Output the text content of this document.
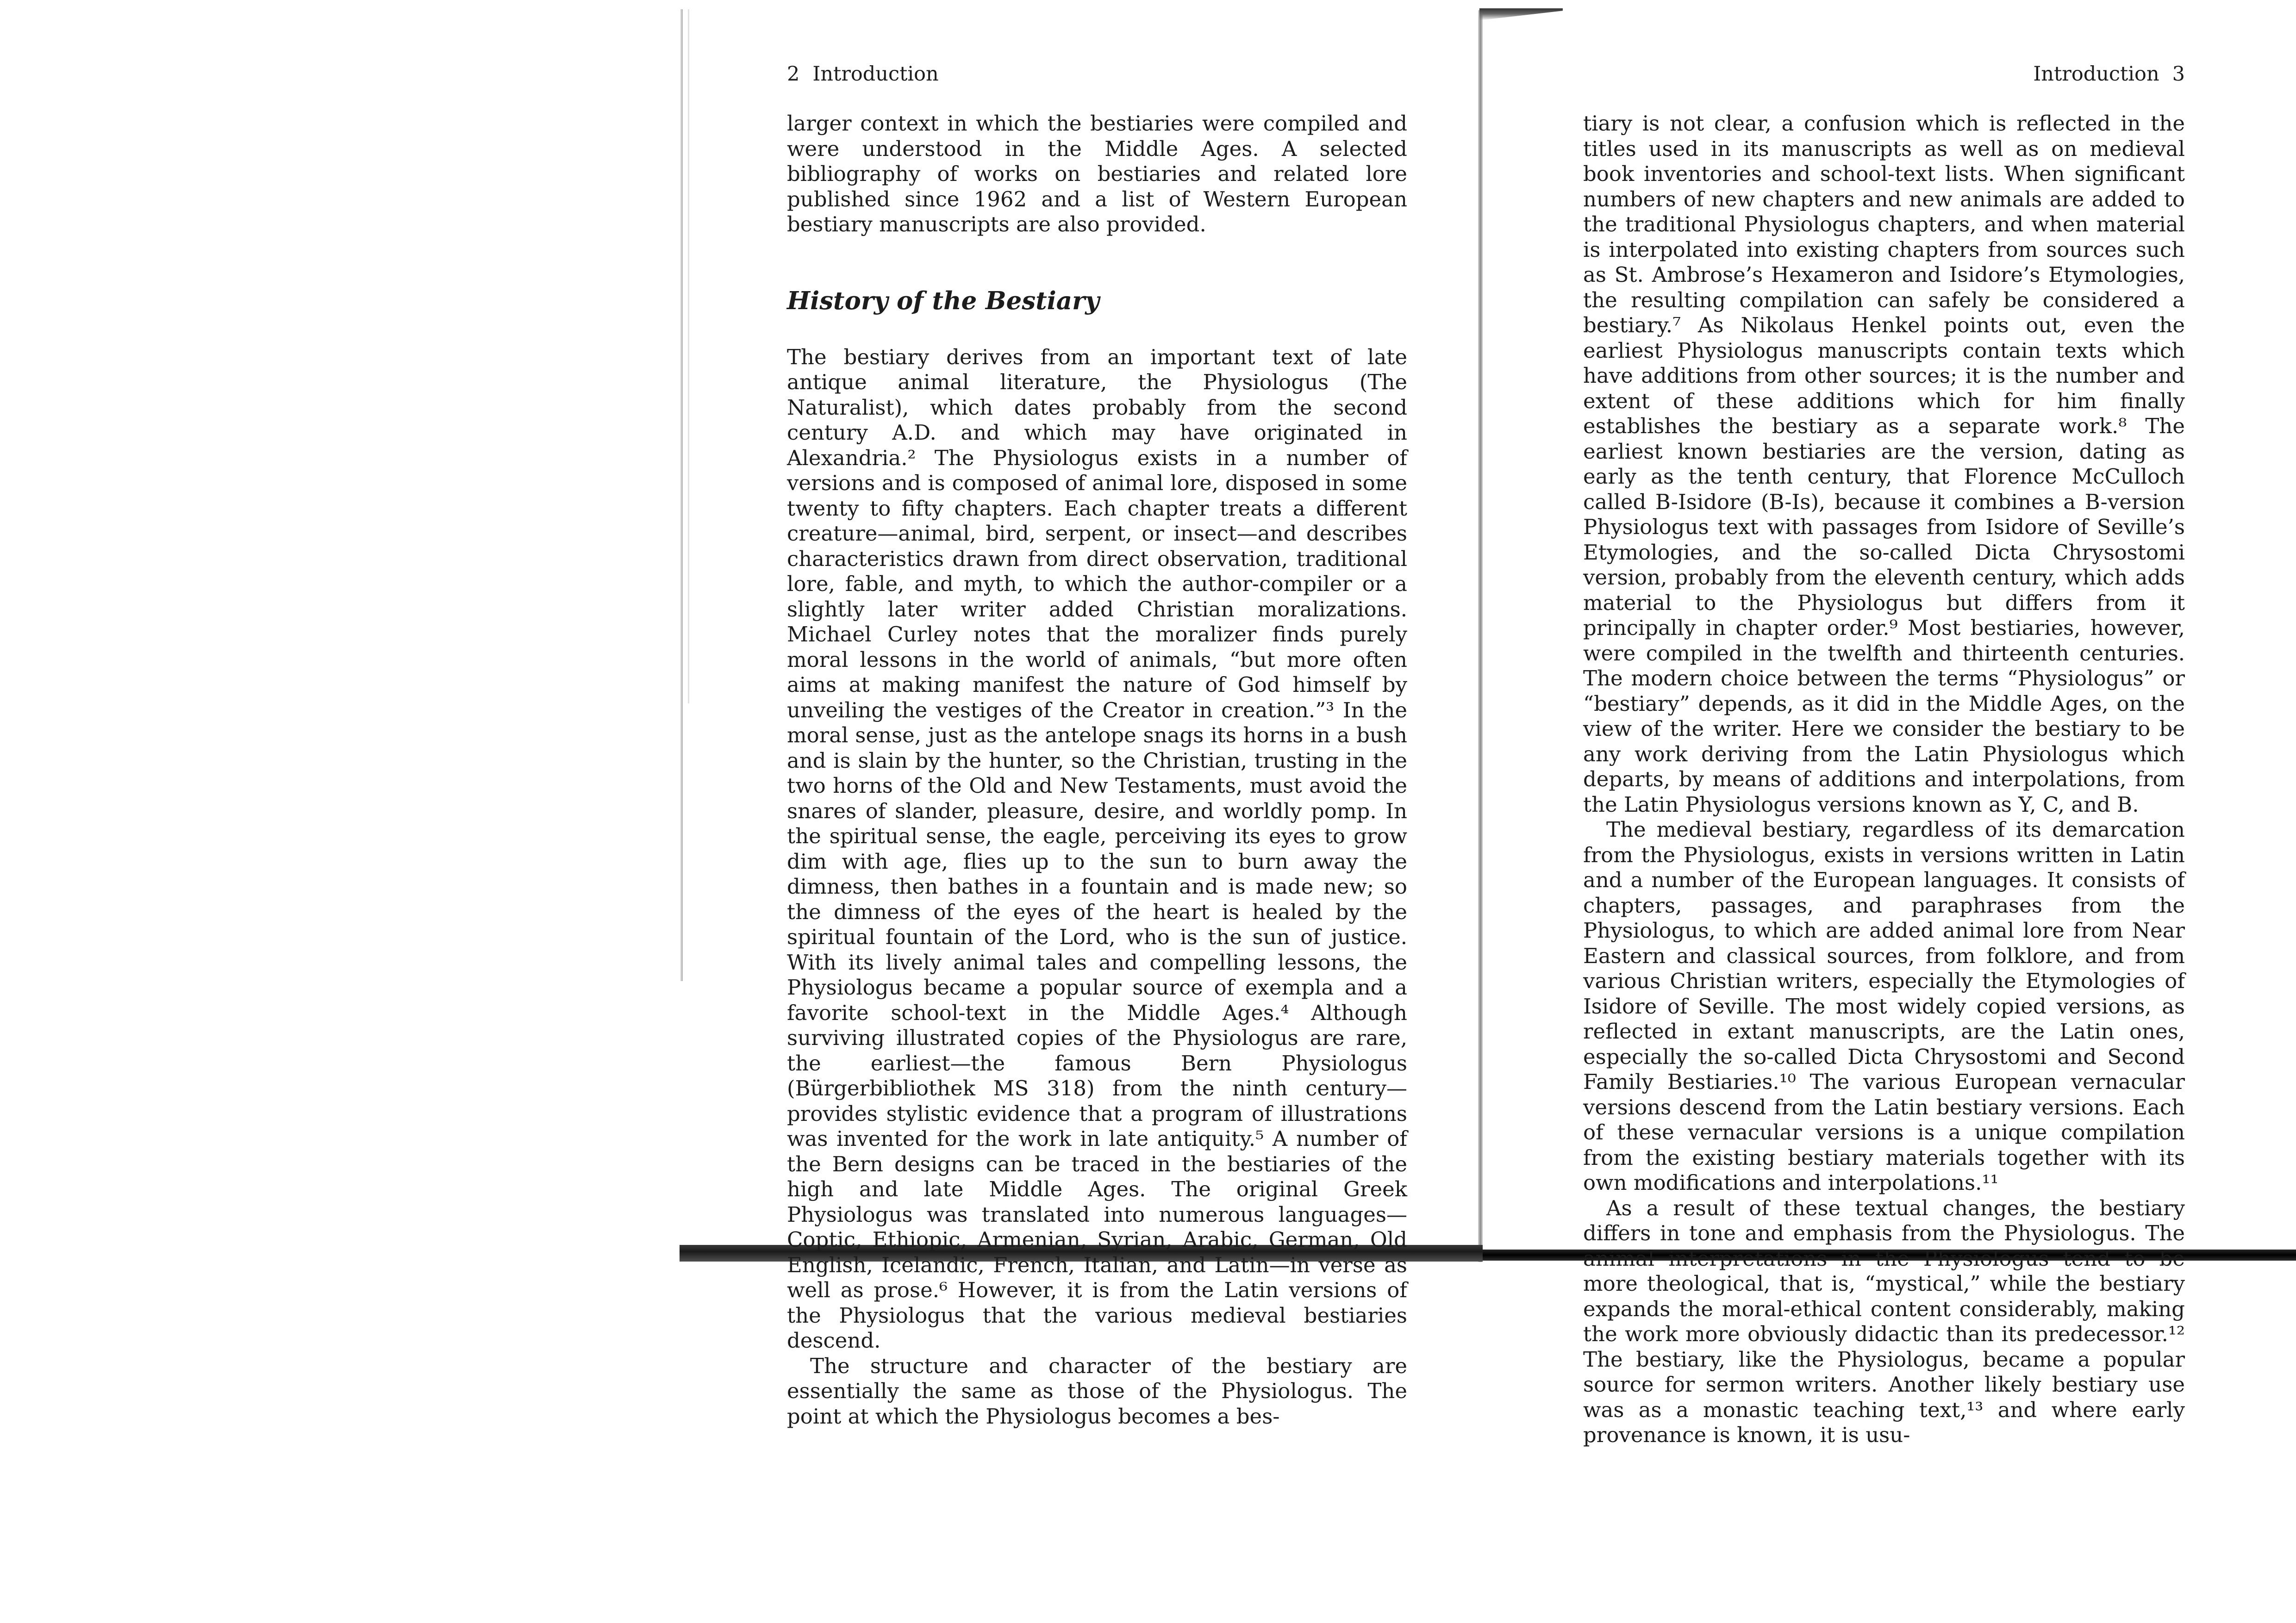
2 Introduction

larger context in which the bestiaries were compiled and were understood in the Middle Ages. A selected bibliography of works on bestiaries and related lore published since 1962 and a list of Western European bestiary manuscripts are also provided.

History of the Bestiary

The bestiary derives from an important text of late antique animal literature, the Physiologus (The Naturalist), which dates probably from the second century A.D. and which may have originated in Alexandria.² The Physiologus exists in a number of versions and is composed of animal lore, disposed in some twenty to fifty chapters. Each chapter treats a different creature—animal, bird, serpent, or insect—and describes characteristics drawn from direct observation, traditional lore, fable, and myth, to which the author-compiler or a slightly later writer added Christian moralizations. Michael Curley notes that the moralizer finds purely moral lessons in the world of animals, “but more often aims at making manifest the nature of God himself by unveiling the vestiges of the Creator in creation.”³ In the moral sense, just as the antelope snags its horns in a bush and is slain by the hunter, so the Christian, trusting in the two horns of the Old and New Testaments, must avoid the snares of slander, pleasure, desire, and worldly pomp. In the spiritual sense, the eagle, perceiving its eyes to grow dim with age, flies up to the sun to burn away the dimness, then bathes in a fountain and is made new; so the dimness of the eyes of the heart is healed by the spiritual fountain of the Lord, who is the sun of justice. With its lively animal tales and compelling lessons, the Physiologus became a popular source of exempla and a favorite school-text in the Middle Ages.⁴ Although surviving illustrated copies of the Physiologus are rare, the earliest—the famous Bern Physiologus (Bürgerbibliothek MS 318) from the ninth century—provides stylistic evidence that a program of illustrations was invented for the work in late antiquity.⁵ A number of the Bern designs can be traced in the bestiaries of the high and late Middle Ages. The original Greek Physiologus was translated into numerous languages—Coptic, Ethiopic, Armenian, Syrian, Arabic, German, Old English, Icelandic, French, Italian, and Latin—in verse as well as prose.⁶ However, it is from the Latin versions of the Physiologus that the various medieval bestiaries descend.

The structure and character of the bestiary are essentially the same as those of the Physiologus. The point at which the Physiologus becomes a bes-

Introduction 3

tiary is not clear, a confusion which is reflected in the titles used in its manuscripts as well as on medieval book inventories and school-text lists. When significant numbers of new chapters and new animals are added to the traditional Physiologus chapters, and when material is interpolated into existing chapters from sources such as St. Ambrose’s Hexameron and Isidore’s Etymologies, the resulting compilation can safely be considered a bestiary.⁷ As Nikolaus Henkel points out, even the earliest Physiologus manuscripts contain texts which have additions from other sources; it is the number and extent of these additions which for him finally establishes the bestiary as a separate work.⁸ The earliest known bestiaries are the version, dating as early as the tenth century, that Florence McCulloch called B-Isidore (B-Is), because it combines a B-version Physiologus text with passages from Isidore of Seville’s Etymologies, and the so-called Dicta Chrysostomi version, probably from the eleventh century, which adds material to the Physiologus but differs from it principally in chapter order.⁹ Most bestiaries, however, were compiled in the twelfth and thirteenth centuries. The modern choice between the terms “Physiologus” or “bestiary” depends, as it did in the Middle Ages, on the view of the writer. Here we consider the bestiary to be any work deriving from the Latin Physiologus which departs, by means of additions and interpolations, from the Latin Physiologus versions known as Y, C, and B.

The medieval bestiary, regardless of its demarcation from the Physiologus, exists in versions written in Latin and a number of the European languages. It consists of chapters, passages, and paraphrases from the Physiologus, to which are added animal lore from Near Eastern and classical sources, from folklore, and from various Christian writers, especially the Etymologies of Isidore of Seville. The most widely copied versions, as reflected in extant manuscripts, are the Latin ones, especially the so-called Dicta Chrysostomi and Second Family Bestiaries.¹⁰ The various European vernacular versions descend from the Latin bestiary versions. Each of these vernacular versions is a unique compilation from the existing bestiary materials together with its own modifications and interpolations.¹¹

As a result of these textual changes, the bestiary differs in tone and emphasis from the Physiologus. The animal interpretations in the Physiologus tend to be more theological, that is, “mystical,” while the bestiary expands the moral-ethical content considerably, making the work more obviously didactic than its predecessor.¹² The bestiary, like the Physiologus, became a popular source for sermon writers. Another likely bestiary use was as a monastic teaching text,¹³ and where early provenance is known, it is usu-
